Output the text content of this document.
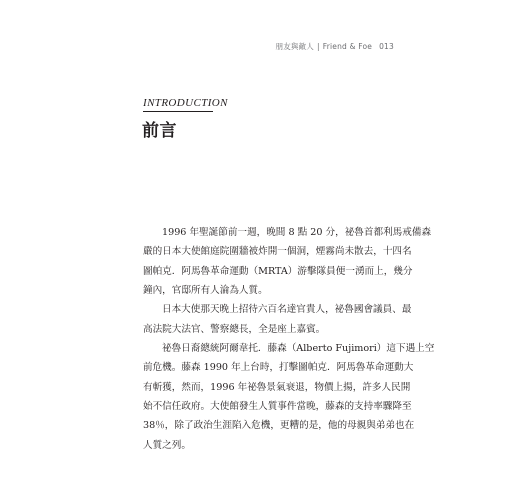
朋友與敵人 | Friend & Foe 013
INTRODUCTION
前言
1996 年聖誕節前一週，晚間 8 點 20 分，祕魯首都利馬戒備森
嚴的日本大使館庭院圍牆被炸開一個洞，煙霧尚未散去，十四名
圖帕克．阿馬魯革命運動（MRTA）游擊隊員便一湧而上，幾分
鐘內，官邸所有人淪為人質。
日本大使那天晚上招待六百名達官貴人，祕魯國會議員、最
高法院大法官、警察總長，全是座上嘉賓。
祕魯日裔總統阿爾韋托．藤森（Alberto Fujimori）這下遇上空
前危機。藤森 1990 年上台時，打擊圖帕克．阿馬魯革命運動大
有斬獲，然而，1996 年祕魯景氣衰退，物價上揚，許多人民開
始不信任政府。大使館發生人質事件當晚，藤森的支持率驟降至
38％，除了政治生涯陷入危機，更糟的是，他的母親與弟弟也在
人質之列。
